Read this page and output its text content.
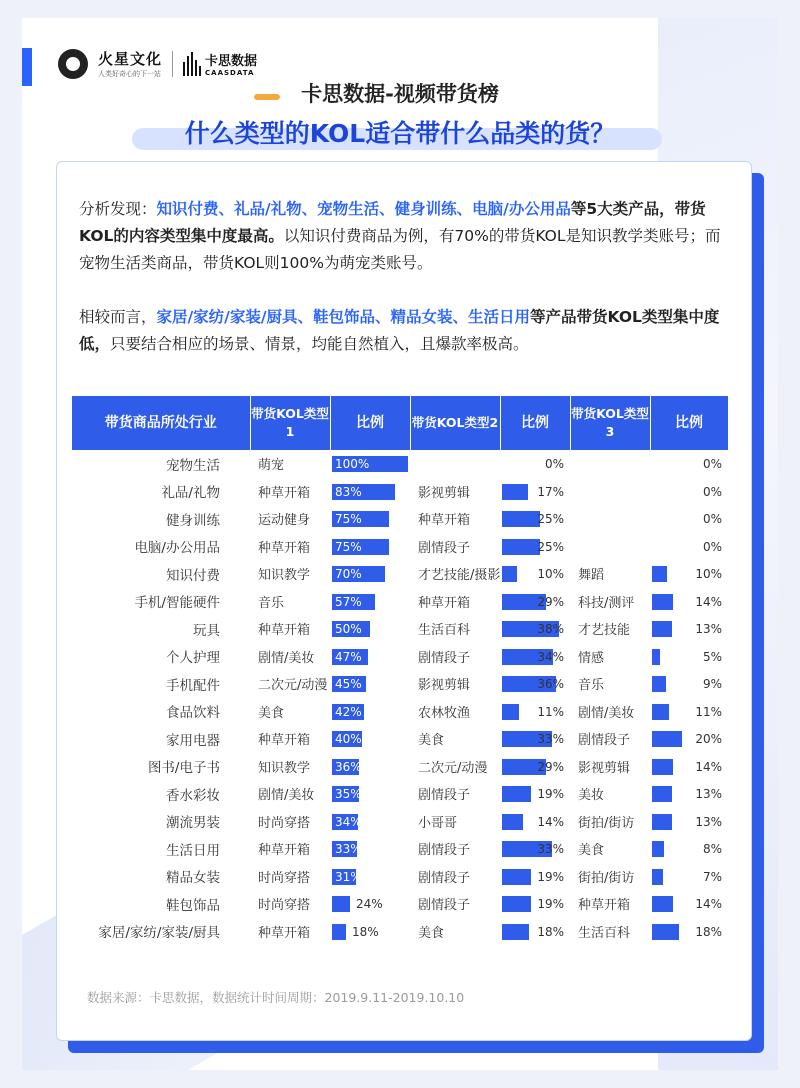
火星文化
人类好奇心的下一站
卡思数据
CAASDATA
卡思数据-视频带货榜
什么类型的KOL适合带什么品类的货？

分析发现：知识付费、礼品/礼物、宠物生活、健身训练、电脑/办公用品等5大类产品，带货KOL的内容类型集中度最高。以知识付费商品为例，有70%的带货KOL是知识教学类账号；而宠物生活类商品，带货KOL则100%为萌宠类账号。

相较而言，家居/家纺/家装/厨具、鞋包饰品、精品女装、生活日用等产品带货KOL类型集中度低，只要结合相应的场景、情景，均能自然植入，且爆款率极高。

带货商品所处行业	带货KOL类型1	比例	带货KOL类型2	比例	带货KOL类型3	比例
宠物生活	萌宠	100%		0%		0%

礼品/礼物	种草开箱	83%	影视剪辑	17%		0%

健身训练	运动健身	75%	种草开箱	25%		0%

电脑/办公用品	种草开箱	75%	剧情段子	25%		0%

知识付费	知识教学	70%	才艺技能/摄影	10%	舞蹈	10%

手机/智能硬件	音乐	57%	种草开箱	29%	科技/测评	14%

玩具	种草开箱	50%	生活百科	38%	才艺技能	13%

个人护理	剧情/美妆	47%	剧情段子	34%	情感	5%

手机配件	二次元/动漫	45%	影视剪辑	36%	音乐	9%

食品饮料	美食	42%	农林牧渔	11%	剧情/美妆	11%

家用电器	种草开箱	40%	美食	33%	剧情段子	20%

图书/电子书	知识教学	36%	二次元/动漫	29%	影视剪辑	14%

香水彩妆	剧情/美妆	35%	剧情段子	19%	美妆	13%

潮流男装	时尚穿搭	34%	小哥哥	14%	街拍/街访	13%

生活日用	种草开箱	33%	剧情段子	33%	美食	8%

精品女装	时尚穿搭	31%	剧情段子	19%	街拍/街访	7%

鞋包饰品	时尚穿搭	24%	剧情段子	19%	种草开箱	14%

家居/家纺/家装/厨具	种草开箱	18%	美食	18%	生活百科	18%
数据来源：卡思数据，数据统计时间周期：2019.9.11-2019.10.10
